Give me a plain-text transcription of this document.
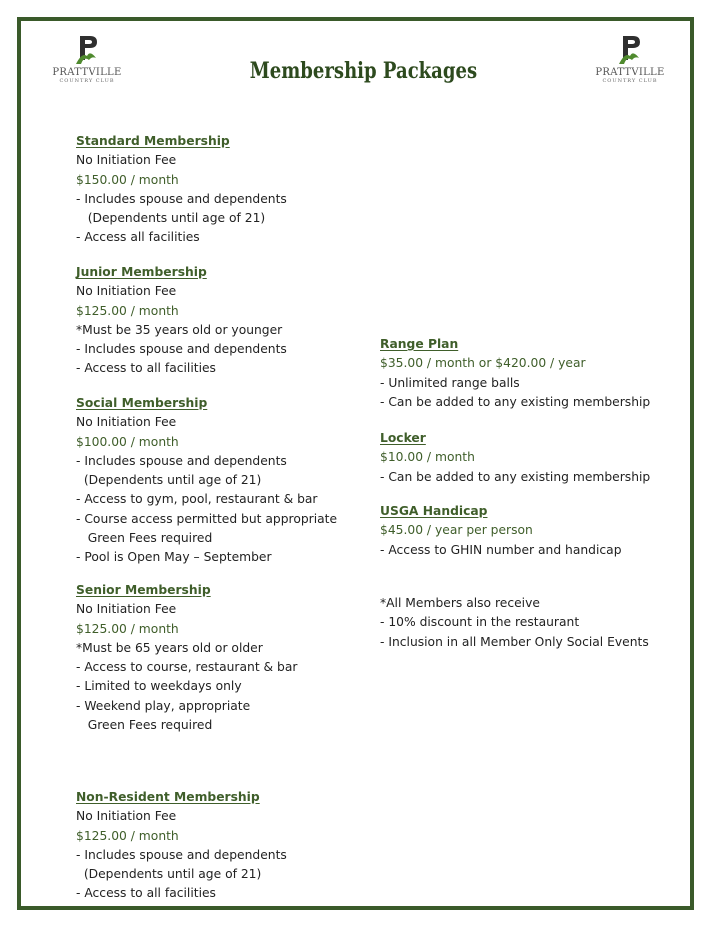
PRATTVILLE
COUNTRY CLUB
PRATTVILLE
COUNTRY CLUB
Membership Packages
Standard Membership
No Initiation Fee
$150.00 / month
- Includes spouse and dependents
(Dependents until age of 21)
- Access all facilities
Junior Membership
No Initiation Fee
$125.00 / month
*Must be 35 years old or younger
- Includes spouse and dependents
- Access to all facilities
Social Membership
No Initiation Fee
$100.00 / month
- Includes spouse and dependents
(Dependents until age of 21)
- Access to gym, pool, restaurant & bar
- Course access permitted but appropriate
Green Fees required
- Pool is Open May – September
Senior Membership
No Initiation Fee
$125.00 / month
*Must be 65 years old or older
- Access to course, restaurant & bar
- Limited to weekdays only
- Weekend play, appropriate
Green Fees required
Non-Resident Membership
No Initiation Fee
$125.00 / month
- Includes spouse and dependents
(Dependents until age of 21)
- Access to all facilities
Range Plan
$35.00 / month or $420.00 / year
- Unlimited range balls
- Can be added to any existing membership
Locker
$10.00 / month
- Can be added to any existing membership
USGA Handicap
$45.00 / year per person
- Access to GHIN number and handicap
*All Members also receive
- 10% discount in the restaurant
- Inclusion in all Member Only Social Events
